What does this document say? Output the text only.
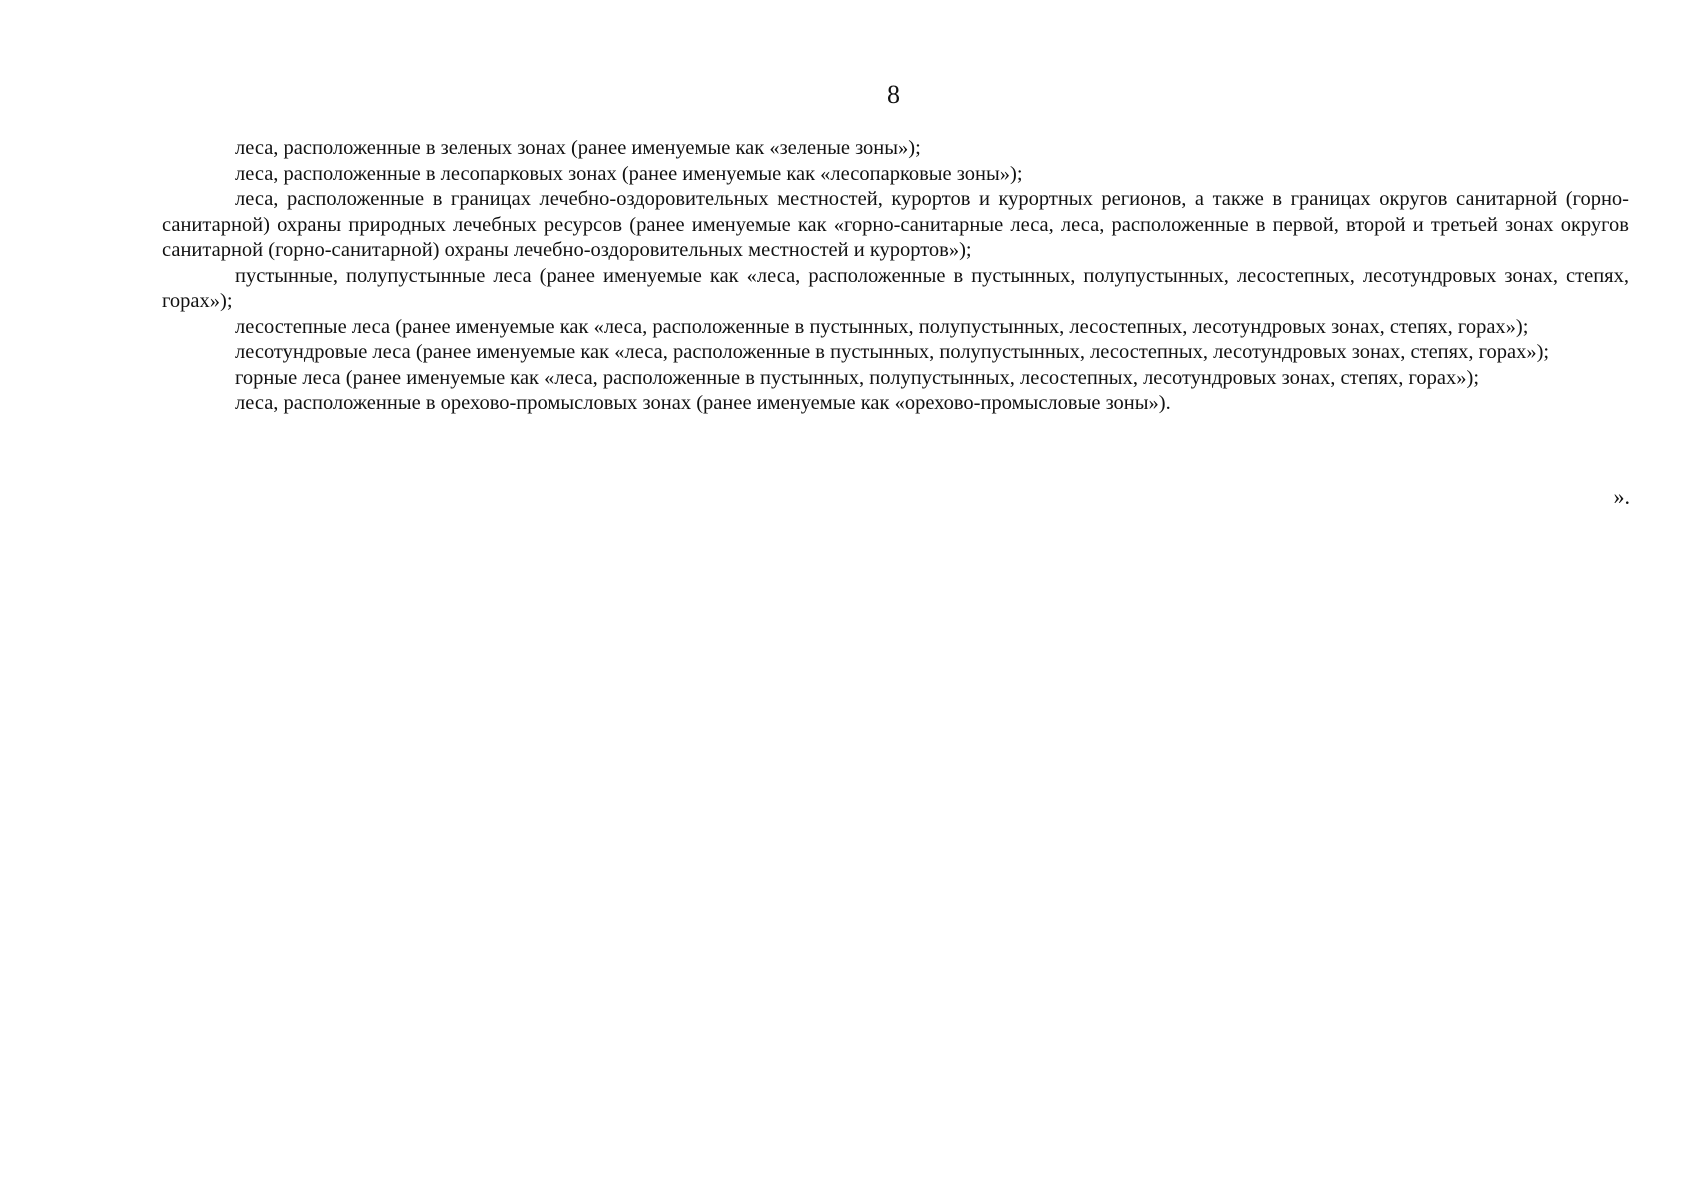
8

леса, расположенные в зеленых зонах (ранее именуемые как «зеленые зоны»);

леса, расположенные в лесопарковых зонах (ранее именуемые как «лесопарковые зоны»);

леса, расположенные в границах лечебно-оздоровительных местностей, курортов и курортных регионов, а также в границах округов санитарной (горно-санитарной) охраны природных лечебных ресурсов (ранее именуемые как «горно-санитарные леса, леса, расположенные в первой, второй и третьей зонах округов санитарной (горно-санитарной) охраны лечебно-оздоровительных местностей и курортов»);

пустынные, полупустынные леса (ранее именуемые как «леса, расположенные в пустынных, полупустынных, лесостепных, лесотундровых зонах, степях, горах»);

лесостепные леса (ранее именуемые как «леса, расположенные в пустынных, полупустынных, лесостепных, лесотундровых зонах, степях, горах»);

лесотундровые леса (ранее именуемые как «леса, расположенные в пустынных, полупустынных, лесостепных, лесотундровых зонах, степях, горах»);

горные леса (ранее именуемые как «леса, расположенные в пустынных, полупустынных, лесостепных, лесотундровых зонах, степях, горах»);

леса, расположенные в орехово-промысловых зонах (ранее именуемые как «орехово-промысловые зоны»).

».
